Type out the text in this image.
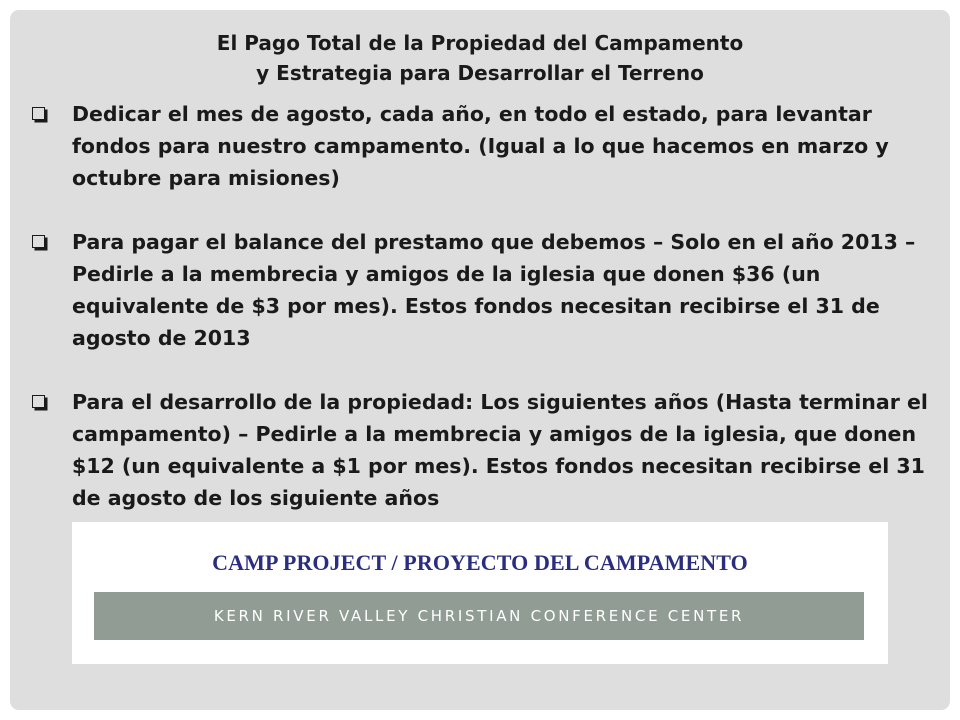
El Pago Total de la Propiedad del Campamento
y Estrategia para Desarrollar el Terreno
Dedicar el mes de agosto, cada año, en todo el estado, para levantar fondos para nuestro campamento. (Igual a lo que hacemos en marzo y octubre para misiones)
Para pagar el balance del prestamo que debemos – Solo en el año 2013 – Pedirle a la membrecia y amigos de la iglesia que donen $36 (un equivalente de $3 por mes). Estos fondos necesitan recibirse el 31 de agosto de 2013
Para el desarrollo de la propiedad: Los siguientes años (Hasta terminar el campamento) – Pedirle a la membrecia y amigos de la iglesia, que donen $12 (un equivalente a $1 por mes). Estos fondos necesitan recibirse el 31 de agosto de los siguiente años
CAMP PROJECT / PROYECTO DEL CAMPAMENTO
KERN RIVER VALLEY CHRISTIAN CONFERENCE CENTER
